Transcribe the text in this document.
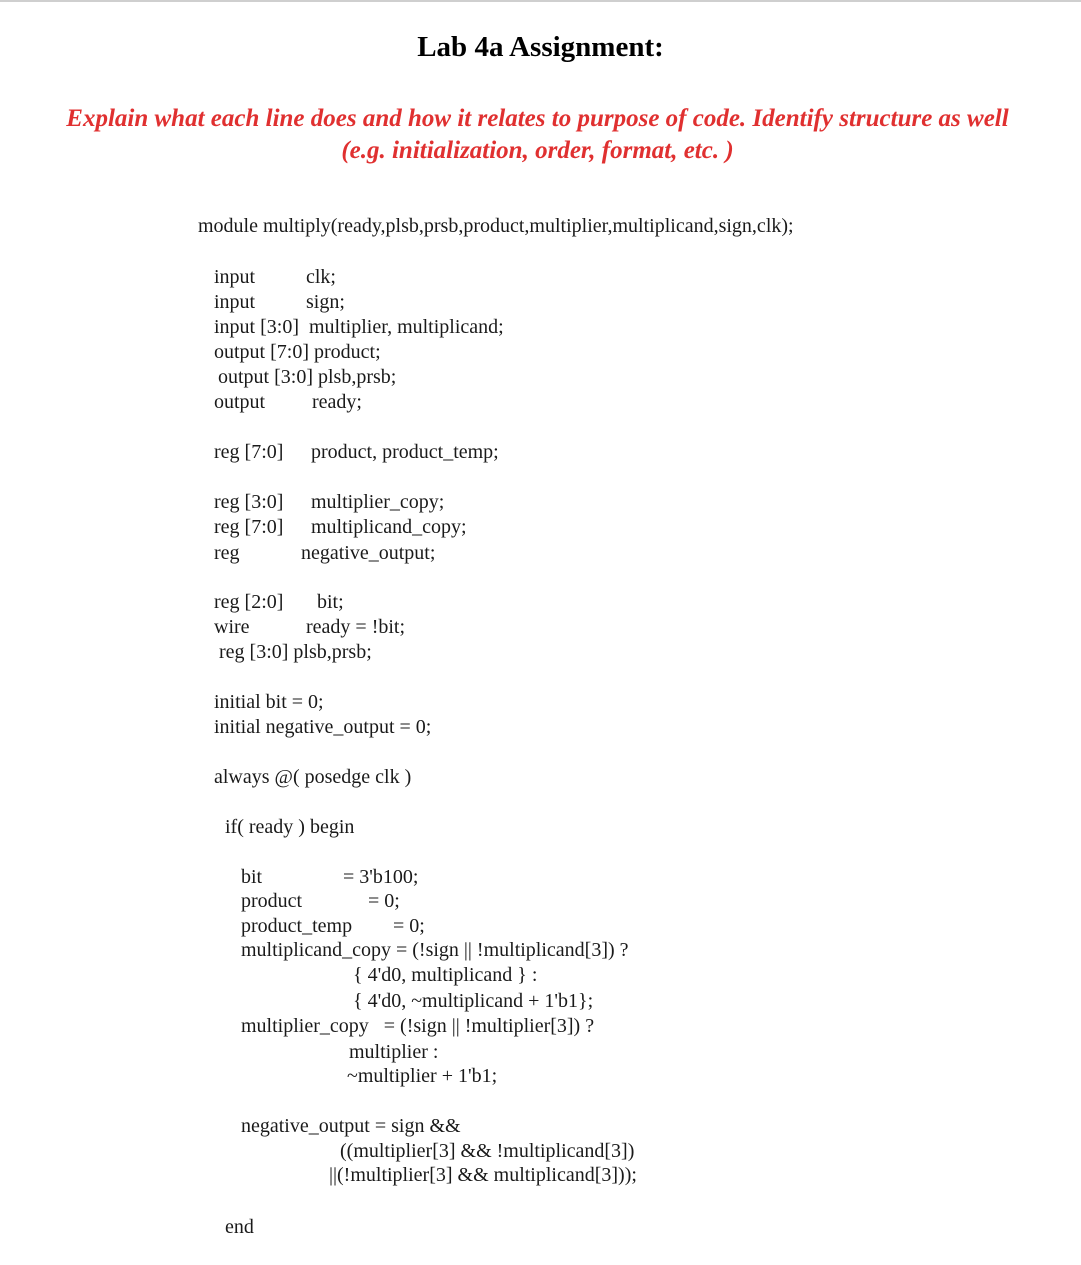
Lab 4a Assignment:
Explain what each line does and how it relates to purpose of code. Identify structure as well (e.g. initialization, order, format, etc. )
module multiply(ready,plsb,prsb,product,multiplier,multiplicand,sign,clk);
input	clk;
input	sign;
input [3:0]  multiplier, multiplicand;
output [7:0] product;
output [3:0] plsb,prsb;
output ready;
reg [7:0] product, product_temp;
reg [3:0] multiplier_copy;
reg [7:0] multiplicand_copy;
reg	negative_output;
reg [2:0] bit;
wire	ready = !bit;
reg [3:0] plsb,prsb;
initial bit = 0;
initial negative_output = 0;
always @( posedge clk )
if( ready ) begin
bit	= 3'b100;
product	= 0;
product_temp = 0;
multiplicand_copy = (!sign || !multiplicand[3]) ?
{ 4'd0, multiplicand } :
{ 4'd0, ~multiplicand + 1'b1};
multiplier_copy   = (!sign || !multiplier[3]) ?
multiplier :
~multiplier + 1'b1;
negative_output = sign &&
((multiplier[3] && !multiplicand[3])
||(!multiplier[3] && multiplicand[3]));
end
